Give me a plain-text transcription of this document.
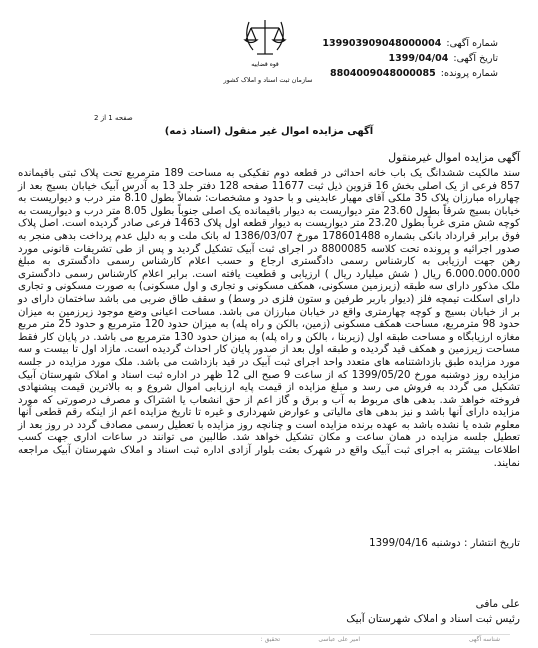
شماره آگهی: 139903909048000004
تاریخ آگهی: 1399/04/04
شماره پرونده: 8804009048000085
قوه قضاییه
سازمان ثبت اسناد و املاک کشور
صفحه 1 از 2
آگهی مزایده اموال غیر منقول (اسناد ذمه)
آگهی مزایده اموال غیرمنقول

سند مالکیت ششدانگ یک باب خانه احداثی در قطعه دوم تفکیکی به مساحت 189 مترمربع تحت پلاک ثبتی باقیمانده 857 فرعی از یک اصلی بخش 16 قزوین ذیل ثبت 11677 صفحه 128 دفتر جلد 13 به آدرس آبیک خیابان بسیج بعد از چهارراه مبارزان پلاک 35 ملکی آقای مهیار عابدینی و با حدود و مشخصات: شمالاً بطول 8.10 متر درب و دیواریست به خیابان بسیج شرقاً بطول 23.60 متر دیواریست به دیوار باقیمانده یک اصلی جنوباً بطول 8.05 متر درب و دیواریست به کوچه شش متری غرباً بطول 23.20 متر دیواریست به دیوار قطعه اول پلاک 1463 فرعی صادر گردیده است. اصل پلاک فوق برابر قرارداد بانکی بشماره 178601488 مورخ 1386/03/07 له بانک ملت و به دلیل عدم پرداخت بدهی منجر به صدور اجرائیه و پرونده تحت کلاسه 8800085 در اجرای ثبت آبیک تشکیل گردید و پس از طی تشریفات قانونی مورد رهن جهت ارزیابی به کارشناس رسمی دادگستری ارجاع و حسب اعلام کارشناس رسمی دادگستری به مبلغ 6.000.000.000 ریال ( شش میلیارد ریال ) ارزیابی و قطعیت یافته است. برابر اعلام کارشناس رسمی دادگستری ملک مذکور دارای سه طبقه (زیرزمین مسکونی، همکف مسکونی و تجاری و اول مسکونی) به صورت مسکونی و تجاری دارای اسکلت تیمچه فلز (دیوار باربر طرفین و ستون فلزی در وسط) و سقف طاق ضربی می باشد ساختمان دارای دو بر از خیابان بسیج و کوچه چهارمتری واقع در خیابان مبارزان می باشد. مساحت اعیانی وضع موجود زیرزمین به میزان حدود 98 مترمربع، مساحت همکف مسکونی (زمین، بالکن و راه پله) به میزان حدود 120 مترمربع و حدود 25 متر مربع مغازه ارزیابگاه و مساحت طبقه اول (زیربنا ، بالکن و راه پله) به میزان حدود 130 مترمربع می باشد. در پایان کار فقط مساحت زیرزمین و همکف قید گردیده و طبقه اول بعد از صدور پایان کار احداث گردیده است. مازاد اول تا بیست و سه مورد مزایده طبق بازداشتنامه های متعدد واحد اجرای ثبت آبیک در قید بازداشت می باشد. ملک مورد مزایده در جلسه مزایده روز دوشنبه مورخ 1399/05/20 که از ساعت 9 صبح الی 12 ظهر در اداره ثبت اسناد و املاک شهرستان آبیک تشکیل می گردد به فروش می رسد و مبلغ مزایده از قیمت پایه ارزیابی اموال شروع و به بالاترین قیمت پیشنهادی فروخته خواهد شد. بدهی های مربوط به آب و برق و گاز اعم از حق انشعاب یا اشتراک و مصرف درصورتی که مورد مزایده دارای آنها باشد و نیز بدهی های مالیاتی و عوارض شهرداری و غیره تا تاریخ مزایده اعم از اینکه رقم قطعی آنها معلوم شده یا نشده باشد به عهده برنده مزایده است و چنانچه روز مزایده با تعطیل رسمی مصادف گردد در روز بعد از تعطیل جلسه مزایده در همان ساعت و مکان تشکیل خواهد شد. طالبین می توانند در ساعات اداری جهت کسب اطلاعات بیشتر به اجرای ثبت آبیک واقع در شهرک بعثت بلوار آزادی اداره ثبت اسناد و املاک شهرستان آبیک مراجعه نمایند.

تاریخ انتشار : دوشنبه 1399/04/16
علی مافی
رئیس ثبت اسناد و املاک شهرستان آبیک
تحقیق :	امیر علی عباسی	شناسه آگهی
